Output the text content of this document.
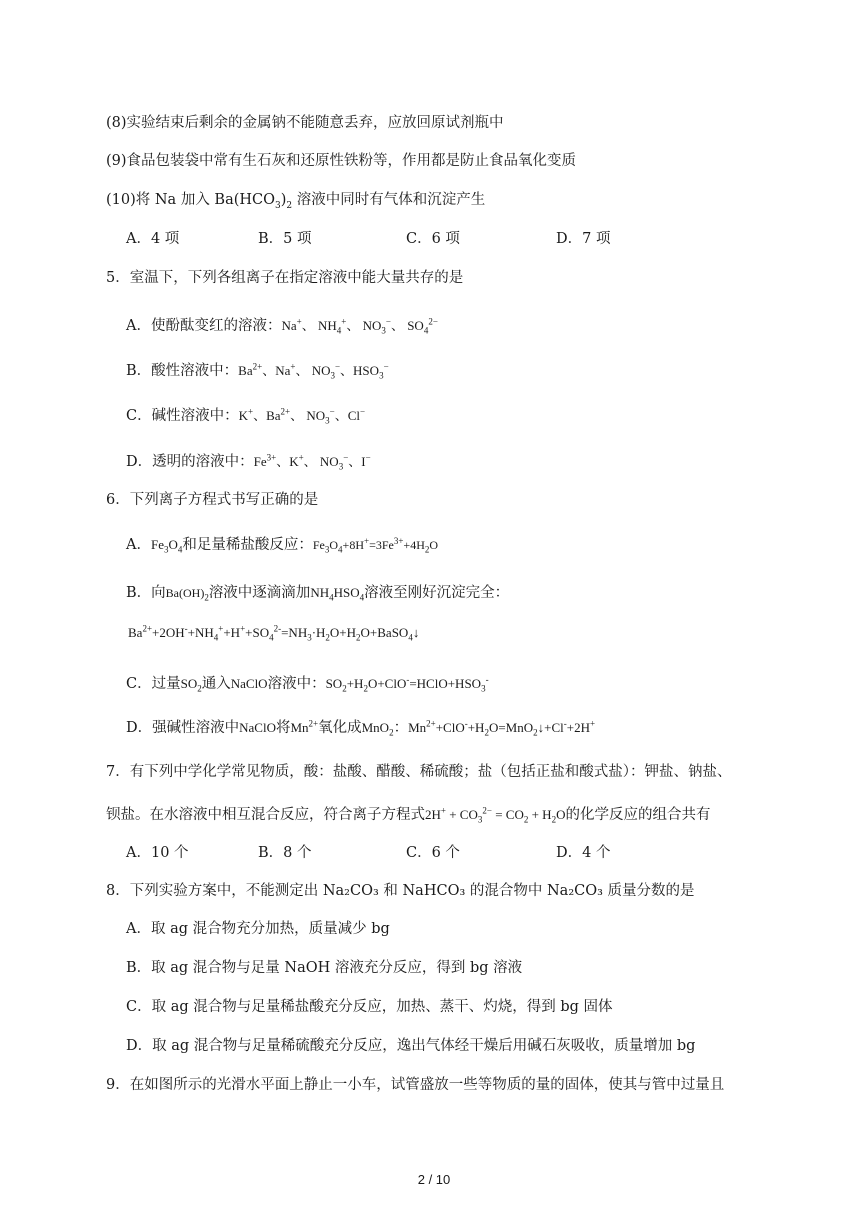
(8)实验结束后剩余的金属钠不能随意丢弃，应放回原试剂瓶中
(9)食品包装袋中常有生石灰和还原性铁粉等，作用都是防止食品氧化变质
(10)将 Na 加入 $Ba(HCO_3)_2$ 溶液中同时有气体和沉淀产生
A．4 项	B．5 项	C．6 项	D．7 项
5．室温下，下列各组离子在指定溶液中能大量共存的是
A．使酚酞变红的溶液：Na+、 $NH_4^+$、 $NO_3^-$、 $SO_4^{2-}$
B．酸性溶液中：$Ba^{2+}$、Na+、 $NO_3^-$、$HSO_3^-$
C．碱性溶液中：K+、$Ba^{2+}$、 $NO_3^-$、Cl−
D．透明的溶液中：$Fe^{3+}$、K+、 $NO_3^-$、I−
6．下列离子方程式书写正确的是
A．$Fe_3O_4$和足量稀盐酸反应：$Fe_3O_4+8H^+=3Fe^{3+}+4H_2O$
B．向$Ba(OH)_2$溶液中逐滴滴加$NH_4HSO_4$溶液至刚好沉淀完全：
$Ba^{2+}+2OH^-+NH_4^++H^++SO_4^{2-}=NH_3\cdot H_2O+H_2O+BaSO_4↓$
C．过量$SO_2$通入NaClO溶液中：$SO_2+H_2O+ClO^-=HClO+HSO_3^-$
D．强碱性溶液中NaClO将$Mn^{2+}$氧化成MnO$_2$：$Mn^{2+}+ClO^-+H_2O=MnO_2↓+Cl^-+2H^+$
7．有下列中学化学常见物质，酸：盐酸、醋酸、稀硫酸；盐（包括正盐和酸式盐）：钾盐、钠盐、
钡盐。在水溶液中相互混合反应，符合离子方程式$2H^+ + CO_3^{2-} = CO_2 + H_2O$的化学反应的组合共有
A．10 个	B．8 个	C．6 个	D．4 个
8．下列实验方案中，不能测定出 Na₂CO₃ 和 NaHCO₃ 的混合物中 Na₂CO₃ 质量分数的是
A．取 ag 混合物充分加热，质量减少 bg
B．取 ag 混合物与足量 NaOH 溶液充分反应，得到 bg 溶液
C．取 ag 混合物与足量稀盐酸充分反应，加热、蒸干、灼烧，得到 bg 固体
D．取 ag 混合物与足量稀硫酸充分反应，逸出气体经干燥后用碱石灰吸收，质量增加 bg
9．在如图所示的光滑水平面上静止一小车，试管盛放一些等物质的量的固体，使其与管中过量且
2 / 10
